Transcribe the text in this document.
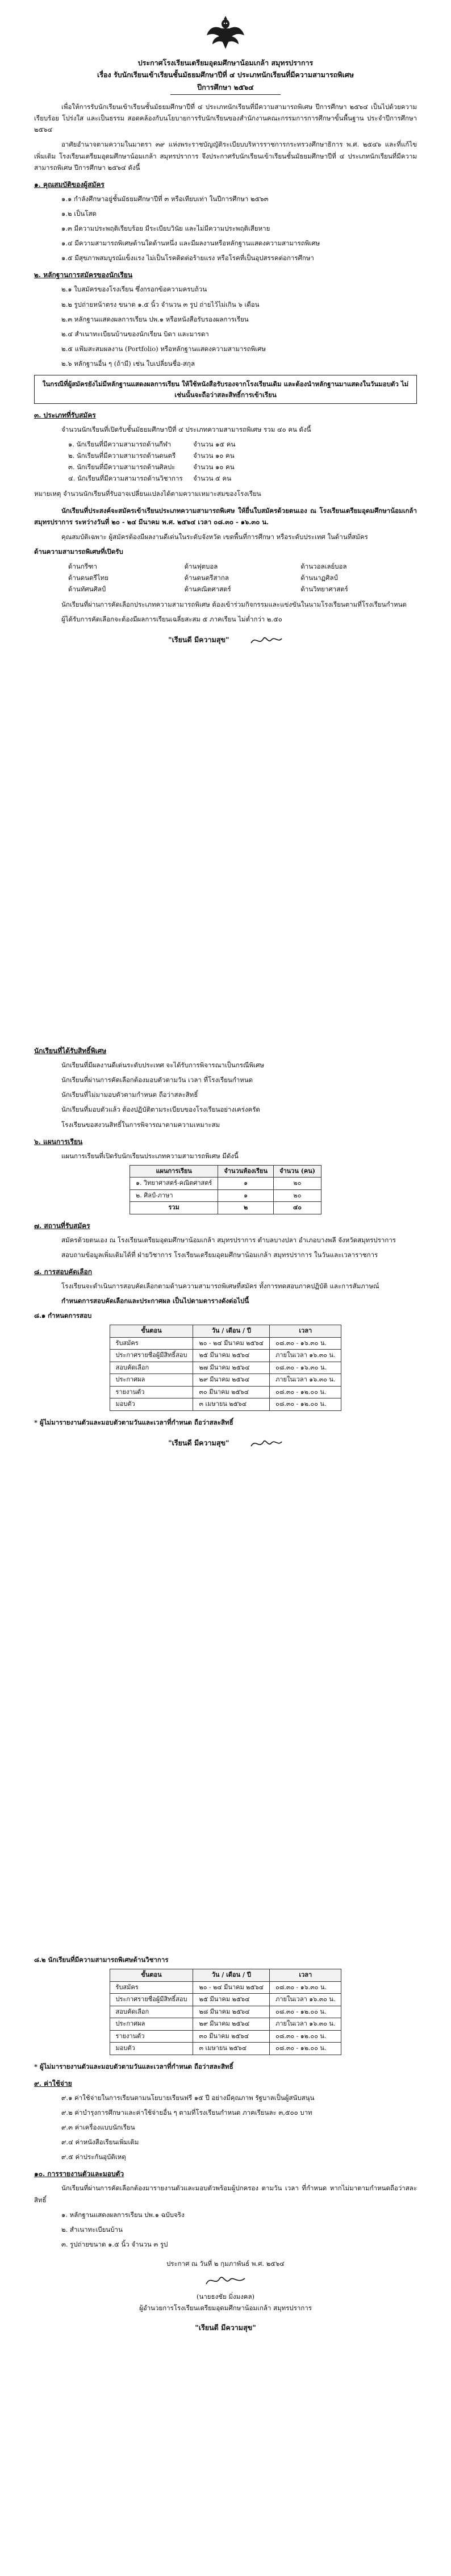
ประกาศโรงเรียนเตรียมอุดมศึกษาน้อมเกล้า สมุทรปราการ
เรื่อง รับนักเรียนเข้าเรียนชั้นมัธยมศึกษาปีที่ ๔ ประเภทนักเรียนที่มีความสามารถพิเศษ
ปีการศึกษา ๒๕๖๔

เพื่อให้การรับนักเรียนเข้าเรียนชั้นมัธยมศึกษาปีที่ ๔ ประเภทนักเรียนที่มีความสามารถพิเศษ ปีการศึกษา ๒๕๖๔ เป็นไปด้วยความเรียบร้อย โปร่งใส และเป็นธรรม สอดคล้องกับนโยบายการรับนักเรียนของสำนักงานคณะกรรมการการศึกษาขั้นพื้นฐาน ประจำปีการศึกษา ๒๕๖๔

อาศัยอำนาจตามความในมาตรา ๓๙ แห่งพระราชบัญญัติระเบียบบริหารราชการกระทรวงศึกษาธิการ พ.ศ. ๒๕๔๖ และที่แก้ไขเพิ่มเติม โรงเรียนเตรียมอุดมศึกษาน้อมเกล้า สมุทรปราการ จึงประกาศรับนักเรียนเข้าเรียนชั้นมัธยมศึกษาปีที่ ๔ ประเภทนักเรียนที่มีความสามารถพิเศษ ปีการศึกษา ๒๕๖๔ ดังนี้

๑. คุณสมบัติของผู้สมัคร

๑.๑ กำลังศึกษาอยู่ชั้นมัธยมศึกษาปีที่ ๓ หรือเทียบเท่า ในปีการศึกษา ๒๕๖๓

๑.๒ เป็นโสด

๑.๓ มีความประพฤติเรียบร้อย มีระเบียบวินัย และไม่มีความประพฤติเสียหาย

๑.๔ มีความสามารถพิเศษด้านใดด้านหนึ่ง และมีผลงานหรือหลักฐานแสดงความสามารถพิเศษ

๑.๕ มีสุขภาพสมบูรณ์แข็งแรง ไม่เป็นโรคติดต่อร้ายแรง หรือโรคที่เป็นอุปสรรคต่อการศึกษา

๒. หลักฐานการสมัครของนักเรียน

๒.๑ ใบสมัครของโรงเรียน ซึ่งกรอกข้อความครบถ้วน

๒.๒ รูปถ่ายหน้าตรง ขนาด ๑.๕ นิ้ว จำนวน ๓ รูป ถ่ายไว้ไม่เกิน ๖ เดือน

๒.๓ หลักฐานแสดงผลการเรียน ปพ.๑ หรือหนังสือรับรองผลการเรียน

๒.๔ สำเนาทะเบียนบ้านของนักเรียน บิดา และมารดา

๒.๕ แฟ้มสะสมผลงาน (Portfolio) หรือหลักฐานแสดงความสามารถพิเศษ

๒.๖ หลักฐานอื่น ๆ (ถ้ามี) เช่น ใบเปลี่ยนชื่อ-สกุล

ในกรณีที่ผู้สมัครยังไม่มีหลักฐานแสดงผลการเรียน ให้ใช้หนังสือรับรองจากโรงเรียนเดิม และต้องนำหลักฐานมาแสดงในวันมอบตัว ไม่เช่นนั้นจะถือว่าสละสิทธิ์การเข้าเรียน
๓. ประเภทที่รับสมัคร

จำนวนนักเรียนที่เปิดรับชั้นมัธยมศึกษาปีที่ ๔ ประเภทความสามารถพิเศษ รวม ๔๐ คน ดังนี้

๑. นักเรียนที่มีความสามารถด้านกีฬา	จำนวน ๑๕ คน
๒. นักเรียนที่มีความสามารถด้านดนตรี	จำนวน ๑๐ คน
๓. นักเรียนที่มีความสามารถด้านศิลปะ	จำนวน ๑๐ คน
๔. นักเรียนที่มีความสามารถด้านวิชาการ	จำนวน ๕ คน

หมายเหตุ จำนวนนักเรียนที่รับอาจเปลี่ยนแปลงได้ตามความเหมาะสมของโรงเรียน

นักเรียนที่ประสงค์จะสมัครเข้าเรียนประเภทความสามารถพิเศษ ให้ยื่นใบสมัครด้วยตนเอง ณ โรงเรียนเตรียมอุดมศึกษาน้อมเกล้า สมุทรปราการ ระหว่างวันที่ ๒๐ - ๒๔ มีนาคม พ.ศ. ๒๕๖๔ เวลา ๐๘.๓๐ - ๑๖.๓๐ น.

คุณสมบัติเฉพาะ ผู้สมัครต้องมีผลงานดีเด่นในระดับจังหวัด เขตพื้นที่การศึกษา หรือระดับประเทศ ในด้านที่สมัคร

ด้านความสามารถพิเศษที่เปิดรับ

ด้านกรีฑา	ด้านฟุตบอล	ด้านวอลเลย์บอล
ด้านดนตรีไทย	ด้านดนตรีสากล	ด้านนาฏศิลป์
ด้านทัศนศิลป์	ด้านคณิตศาสตร์	ด้านวิทยาศาสตร์

นักเรียนที่ผ่านการคัดเลือกประเภทความสามารถพิเศษ ต้องเข้าร่วมกิจกรรมและแข่งขันในนามโรงเรียนตามที่โรงเรียนกำหนด

ผู้ได้รับการคัดเลือกจะต้องมีผลการเรียนเฉลี่ยสะสม ๕ ภาคเรียน ไม่ต่ำกว่า ๒.๕๐

"เรียนดี มีความสุข"
นักเรียนที่ได้รับสิทธิ์พิเศษ

นักเรียนที่มีผลงานดีเด่นระดับประเทศ จะได้รับการพิจารณาเป็นกรณีพิเศษ

นักเรียนที่ผ่านการคัดเลือกต้องมอบตัวตามวัน เวลา ที่โรงเรียนกำหนด

นักเรียนที่ไม่มามอบตัวตามกำหนด ถือว่าสละสิทธิ์

นักเรียนที่มอบตัวแล้ว ต้องปฏิบัติตามระเบียบของโรงเรียนอย่างเคร่งครัด

โรงเรียนขอสงวนสิทธิ์ในการพิจารณาตามความเหมาะสม

๖. แผนการเรียน

แผนการเรียนที่เปิดรับนักเรียนประเภทความสามารถพิเศษ มีดังนี้

แผนการเรียน	จำนวนห้องเรียน	จำนวน (คน)
๑. วิทยาศาสตร์-คณิตศาสตร์	๑	๒๐
๒. ศิลป์-ภาษา	๑	๒๐
รวม	๒	๔๐
๗. สถานที่รับสมัคร

สมัครด้วยตนเอง ณ โรงเรียนเตรียมอุดมศึกษาน้อมเกล้า สมุทรปราการ ตำบลบางปลา อำเภอบางพลี จังหวัดสมุทรปราการ

สอบถามข้อมูลเพิ่มเติมได้ที่ ฝ่ายวิชาการ โรงเรียนเตรียมอุดมศึกษาน้อมเกล้า สมุทรปราการ ในวันและเวลาราชการ

๘. การสอบคัดเลือก

โรงเรียนจะดำเนินการสอบคัดเลือกตามด้านความสามารถพิเศษที่สมัคร ทั้งการทดสอบภาคปฏิบัติ และการสัมภาษณ์

กำหนดการสอบคัดเลือกและประกาศผล เป็นไปตามตารางดังต่อไปนี้

๘.๑ กำหนดการสอบ

ขั้นตอน	วัน / เดือน / ปี	เวลา
รับสมัคร	๒๐ - ๒๔ มีนาคม ๒๕๖๔	๐๘.๓๐ - ๑๖.๓๐ น.
ประกาศรายชื่อผู้มีสิทธิ์สอบ	๒๕ มีนาคม ๒๕๖๔	ภายในเวลา ๑๖.๓๐ น.
สอบคัดเลือก	๒๗ มีนาคม ๒๕๖๔	๐๘.๓๐ - ๑๖.๓๐ น.
ประกาศผล	๒๙ มีนาคม ๒๕๖๔	ภายในเวลา ๑๖.๓๐ น.
รายงานตัว	๓๐ มีนาคม ๒๕๖๔	๐๘.๓๐ - ๑๒.๐๐ น.
มอบตัว	๓ เมษายน ๒๕๖๔	๐๘.๓๐ - ๑๒.๐๐ น.

* ผู้ไม่มารายงานตัวและมอบตัวตามวันและเวลาที่กำหนด ถือว่าสละสิทธิ์

"เรียนดี มีความสุข"

๘.๒ นักเรียนที่มีความสามารถพิเศษด้านวิชาการ

ขั้นตอน	วัน / เดือน / ปี	เวลา
รับสมัคร	๒๐ - ๒๔ มีนาคม ๒๕๖๔	๐๘.๓๐ - ๑๖.๓๐ น.
ประกาศรายชื่อผู้มีสิทธิ์สอบ	๒๕ มีนาคม ๒๕๖๔	ภายในเวลา ๑๖.๓๐ น.
สอบคัดเลือก	๒๘ มีนาคม ๒๕๖๔	๐๘.๓๐ - ๑๒.๐๐ น.
ประกาศผล	๒๙ มีนาคม ๒๕๖๔	ภายในเวลา ๑๖.๓๐ น.
รายงานตัว	๓๐ มีนาคม ๒๕๖๔	๐๘.๓๐ - ๑๒.๐๐ น.
มอบตัว	๓ เมษายน ๒๕๖๔	๐๘.๓๐ - ๑๒.๐๐ น.

* ผู้ไม่มารายงานตัวและมอบตัวตามวันและเวลาที่กำหนด ถือว่าสละสิทธิ์

๙. ค่าใช้จ่าย

๙.๑ ค่าใช้จ่ายในการเรียนตามนโยบายเรียนฟรี ๑๕ ปี อย่างมีคุณภาพ รัฐบาลเป็นผู้สนับสนุน

๙.๒ ค่าบำรุงการศึกษาและค่าใช้จ่ายอื่น ๆ ตามที่โรงเรียนกำหนด ภาคเรียนละ ๓,๕๐๐ บาท

๙.๓ ค่าเครื่องแบบนักเรียน

๙.๔ ค่าหนังสือเรียนเพิ่มเติม

๙.๕ ค่าประกันอุบัติเหตุ

๑๐. การรายงานตัวและมอบตัว

นักเรียนที่ผ่านการคัดเลือกต้องมารายงานตัวและมอบตัวพร้อมผู้ปกครอง ตามวัน เวลา ที่กำหนด หากไม่มาตามกำหนดถือว่าสละสิทธิ์

๑. หลักฐานแสดงผลการเรียน ปพ.๑ ฉบับจริง

๒. สำเนาทะเบียนบ้าน

๓. รูปถ่ายขนาด ๑.๕ นิ้ว จำนวน ๓ รูป

ประกาศ ณ วันที่ ๒ กุมภาพันธ์ พ.ศ. ๒๕๖๔
(นายธงชัย มิ่งมงคล)
ผู้อำนวยการโรงเรียนเตรียมอุดมศึกษาน้อมเกล้า สมุทรปราการ
"เรียนดี มีความสุข"
